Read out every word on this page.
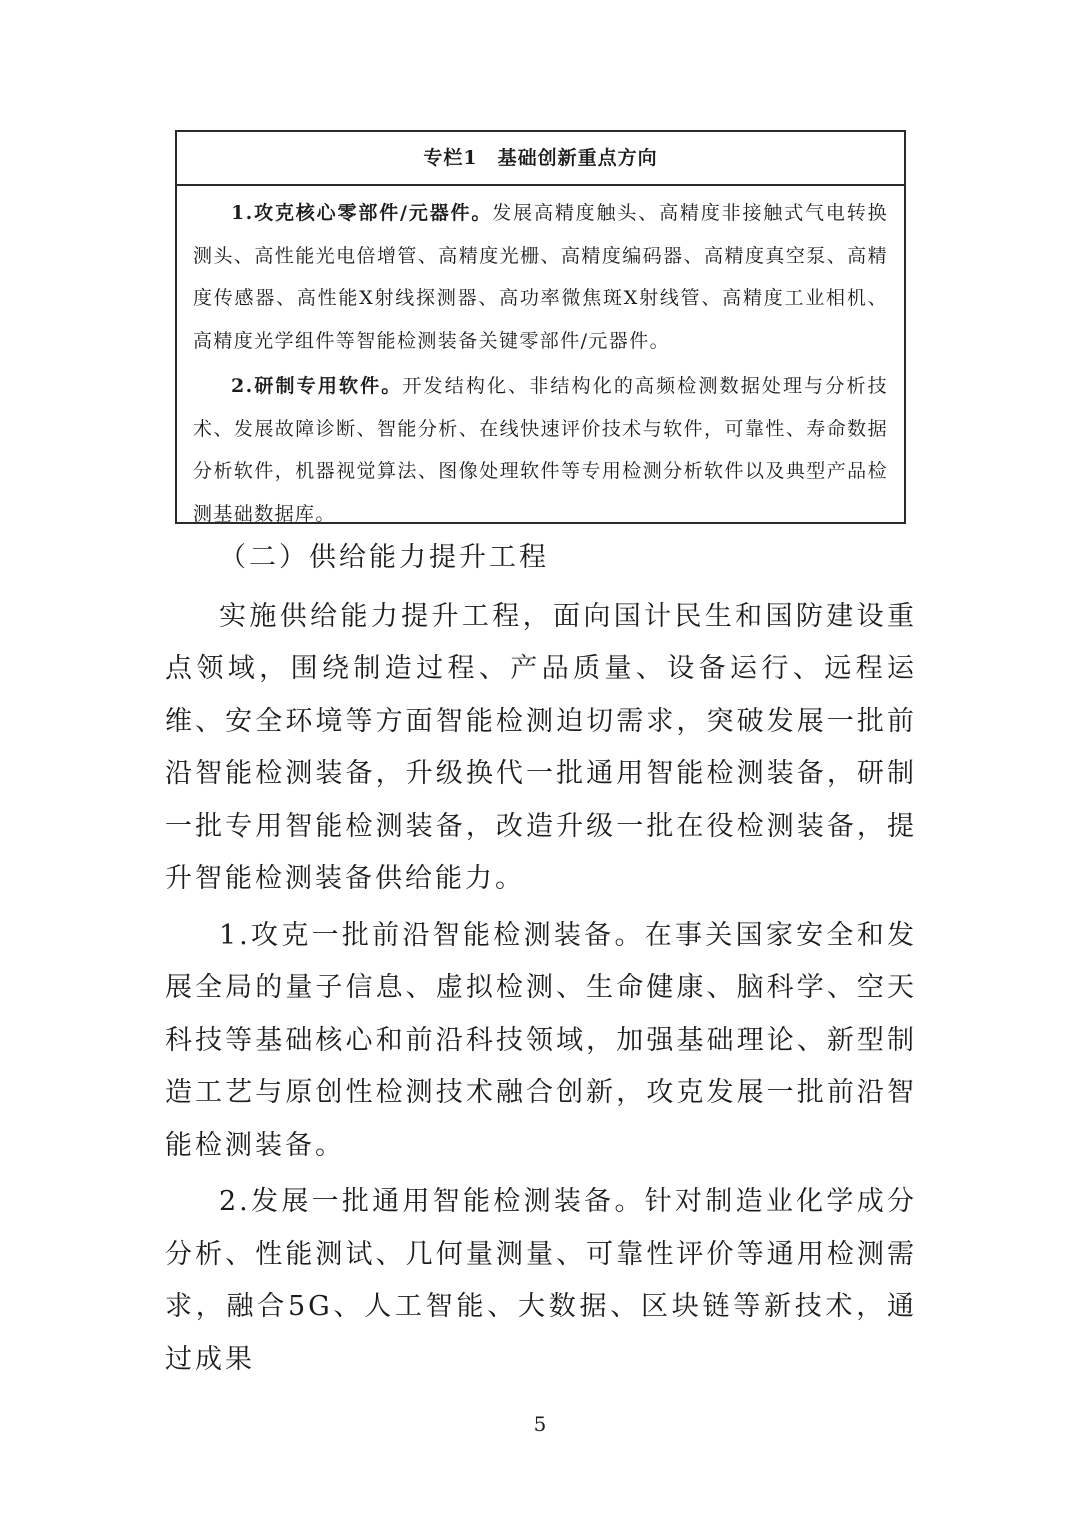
专栏1 基础创新重点方向

1.攻克核心零部件/元器件。发展高精度触头、高精度非接触式气电转换测头、高性能光电倍增管、高精度光栅、高精度编码器、高精度真空泵、高精度传感器、高性能X射线探测器、高功率微焦斑X射线管、高精度工业相机、高精度光学组件等智能检测装备关键零部件/元器件。

2.研制专用软件。开发结构化、非结构化的高频检测数据处理与分析技术、发展故障诊断、智能分析、在线快速评价技术与软件，可靠性、寿命数据分析软件，机器视觉算法、图像处理软件等专用检测分析软件以及典型产品检测基础数据库。

（二）供给能力提升工程

实施供给能力提升工程，面向国计民生和国防建设重点领域，围绕制造过程、产品质量、设备运行、远程运维、安全环境等方面智能检测迫切需求，突破发展一批前沿智能检测装备，升级换代一批通用智能检测装备，研制一批专用智能检测装备，改造升级一批在役检测装备，提升智能检测装备供给能力。

1.攻克一批前沿智能检测装备。在事关国家安全和发展全局的量子信息、虚拟检测、生命健康、脑科学、空天科技等基础核心和前沿科技领域，加强基础理论、新型制造工艺与原创性检测技术融合创新，攻克发展一批前沿智能检测装备。

2.发展一批通用智能检测装备。针对制造业化学成分分析、性能测试、几何量测量、可靠性评价等通用检测需求，融合5G、人工智能、大数据、区块链等新技术，通过成果

5
